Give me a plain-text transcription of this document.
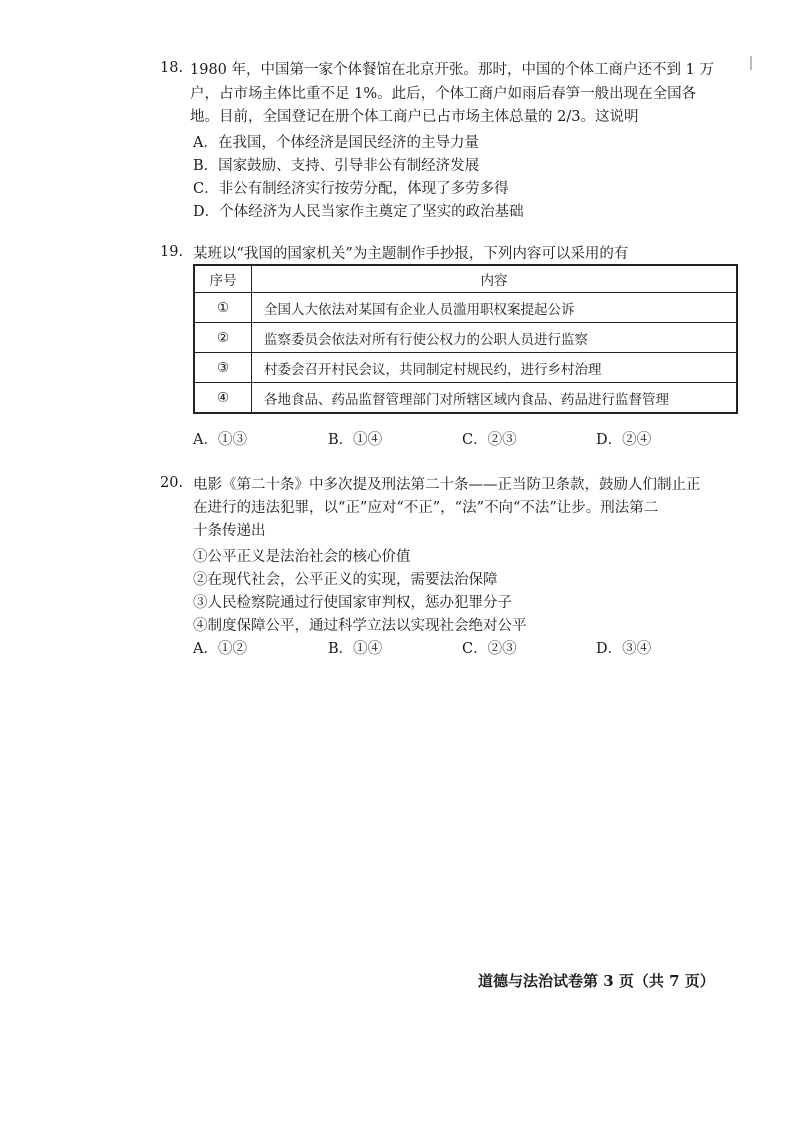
18. 1980 年，中国第一家个体餐馆在北京开张。那时，中国的个体工商户还不到 1 万
户，占市场主体比重不足 1%。此后，个体工商户如雨后春笋一般出现在全国各
地。目前，全国登记在册个体工商户已占市场主体总量的 2/3。这说明
A．在我国，个体经济是国民经济的主导力量
B．国家鼓励、支持、引导非公有制经济发展
C．非公有制经济实行按劳分配，体现了多劳多得
D．个体经济为人民当家作主奠定了坚实的政治基础
19. 某班以“我国的国家机关”为主题制作手抄报，下列内容可以采用的有
序号	内容
①	全国人大依法对某国有企业人员滥用职权案提起公诉
②	监察委员会依法对所有行使公权力的公职人员进行监察
③	村委会召开村民会议，共同制定村规民约，进行乡村治理
④	各地食品、药品监督管理部门对所辖区域内食品、药品进行监督管理
A．①③	B．①④	C．②③	D．②④
20. 电影《第二十条》中多次提及刑法第二十条——正当防卫条款，鼓励人们制止正
在进行的违法犯罪，以“正”应对“不正”，“法”不向“不法”让步。刑法第二
十条传递出
①公平正义是法治社会的核心价值
②在现代社会，公平正义的实现，需要法治保障
③人民检察院通过行使国家审判权，惩办犯罪分子
④制度保障公平，通过科学立法以实现社会绝对公平
A．①②	B．①④	C．②③	D．③④
道德与法治试卷第 3 页（共 7 页）
